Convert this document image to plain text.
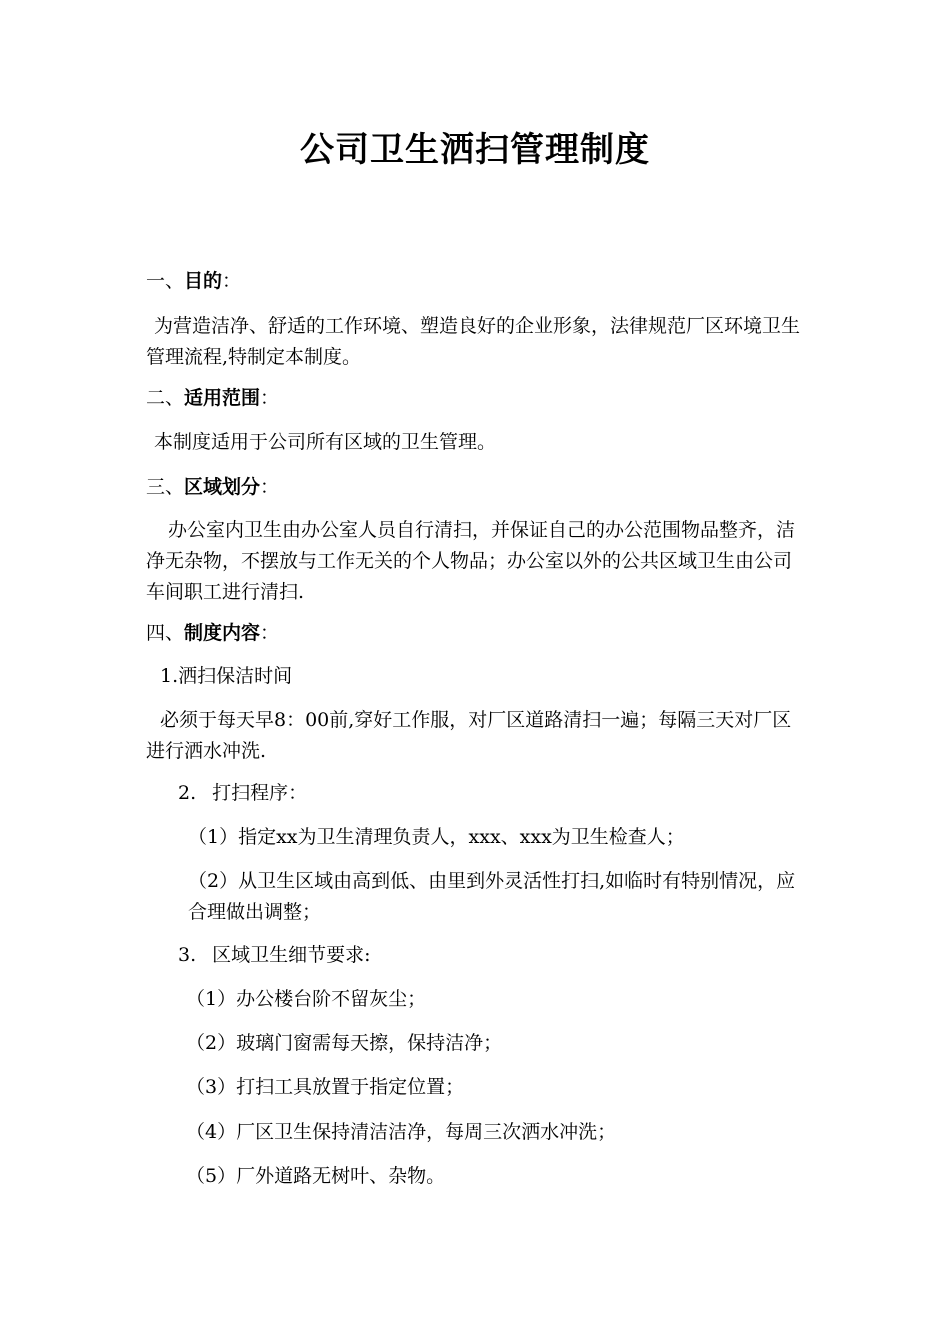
公司卫生洒扫管理制度
一、目的：
为营造洁净、舒适的工作环境、塑造良好的企业形象，法律规范厂区环境卫生管理流程,特制定本制度。
二、适用范围：
本制度适用于公司所有区域的卫生管理。
三、区域划分：
办公室内卫生由办公室人员自行清扫，并保证自己的办公范围物品整齐，洁净无杂物，不摆放与工作无关的个人物品；办公室以外的公共区域卫生由公司车间职工进行清扫.
四、制度内容：
1.洒扫保洁时间
必须于每天早8：00前,穿好工作服，对厂区道路清扫一遍；每隔三天对厂区进行洒水冲洗.
2. 打扫程序：
（1）指定xx为卫生清理负责人，xxx、xxx为卫生检查人；
（2）从卫生区域由高到低、由里到外灵活性打扫,如临时有特别情况，应合理做出调整；
3. 区域卫生细节要求:
（1）办公楼台阶不留灰尘；
（2）玻璃门窗需每天擦，保持洁净；
（3）打扫工具放置于指定位置；
（4）厂区卫生保持清洁洁净，每周三次洒水冲洗；
（5）厂外道路无树叶、杂物。
